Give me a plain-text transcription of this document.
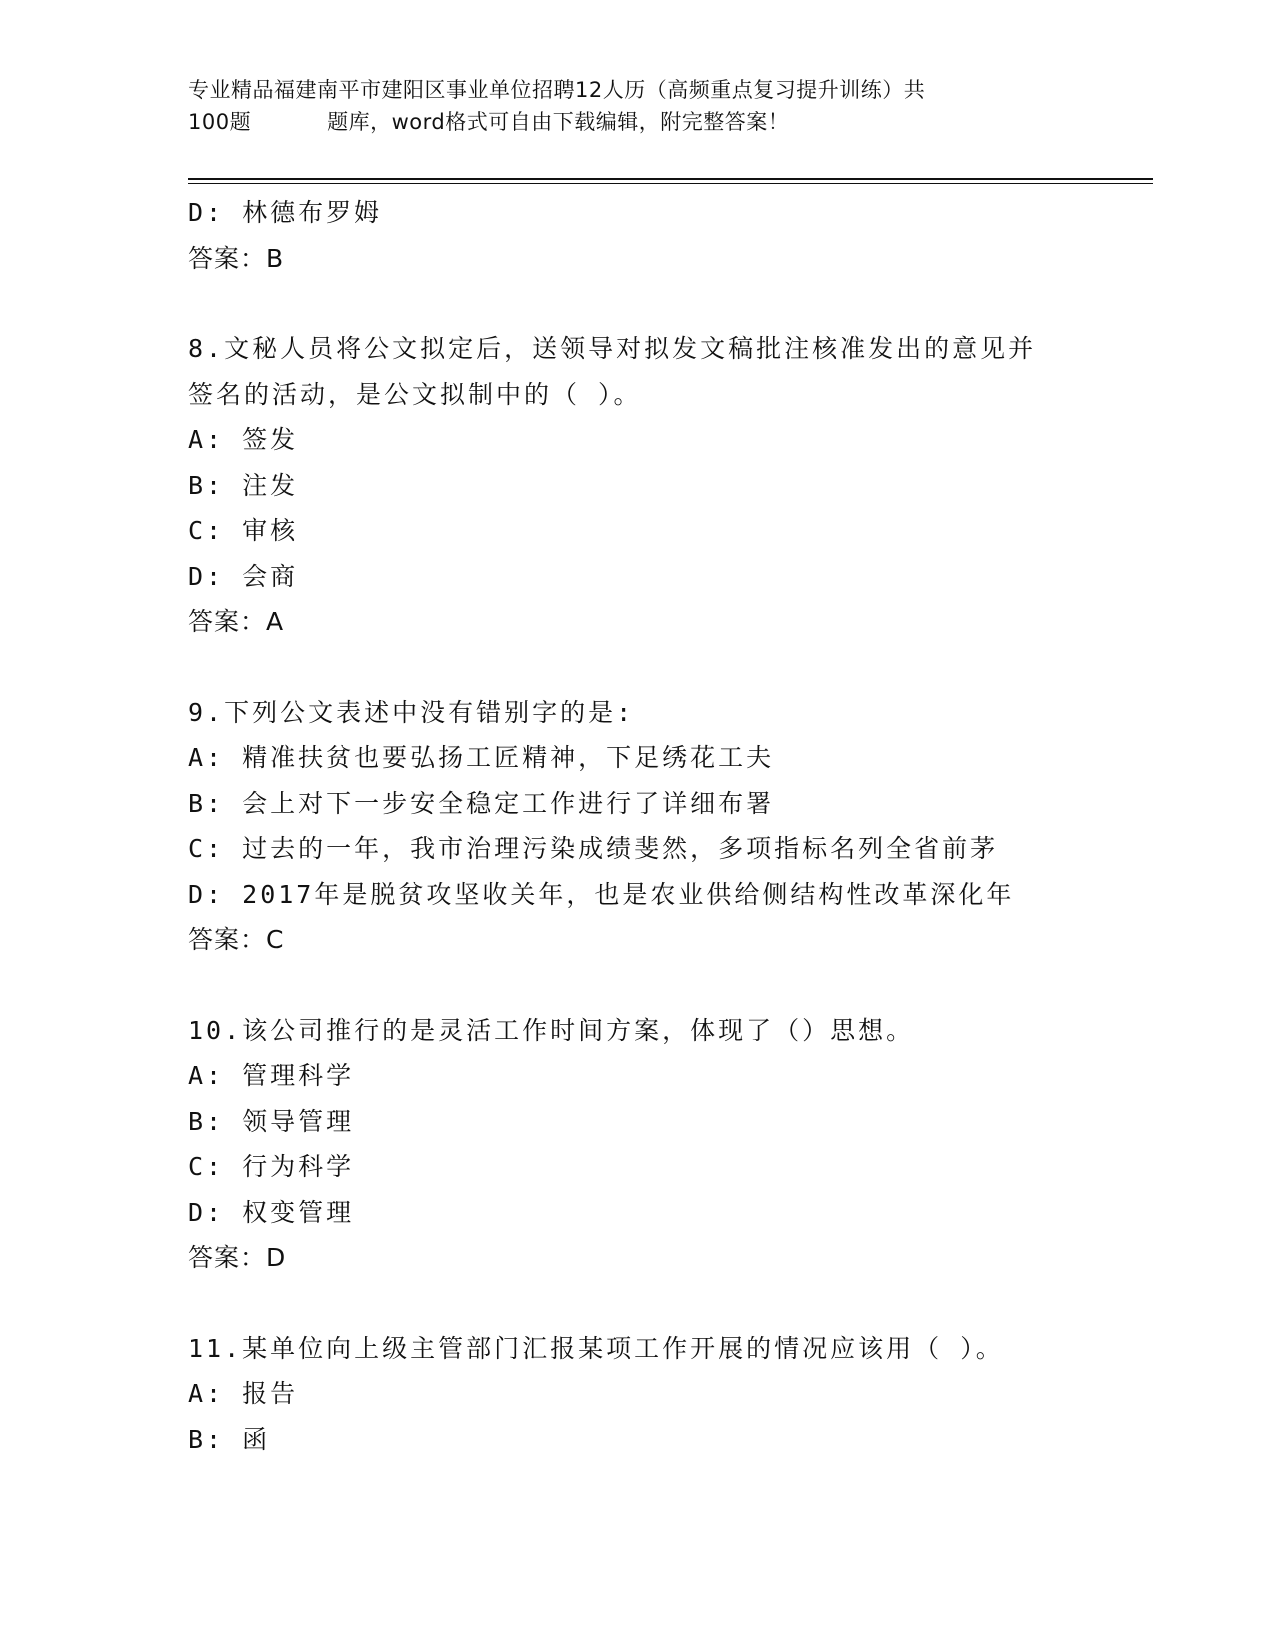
专业精品福建南平市建阳区事业单位招聘12人历（高频重点复习提升训练）共
100题	题库，word格式可自由下载编辑，附完整答案！
D: 林德布罗姆
答案：B
8.文秘人员将公文拟定后，送领导对拟发文稿批注核准发出的意见并
签名的活动，是公文拟制中的（ ）。
A: 签发
B: 注发
C: 审核
D: 会商
答案：A
9.下列公文表述中没有错别字的是:
A: 精准扶贫也要弘扬工匠精神，下足绣花工夫
B: 会上对下一步安全稳定工作进行了详细布署
C: 过去的一年，我市治理污染成绩斐然，多项指标名列全省前茅
D: 2017年是脱贫攻坚收关年，也是农业供给侧结构性改革深化年
答案：C
10.该公司推行的是灵活工作时间方案，体现了（）思想。
A: 管理科学
B: 领导管理
C: 行为科学
D: 权变管理
答案：D
11.某单位向上级主管部门汇报某项工作开展的情况应该用（ ）。
A: 报告
B: 函
